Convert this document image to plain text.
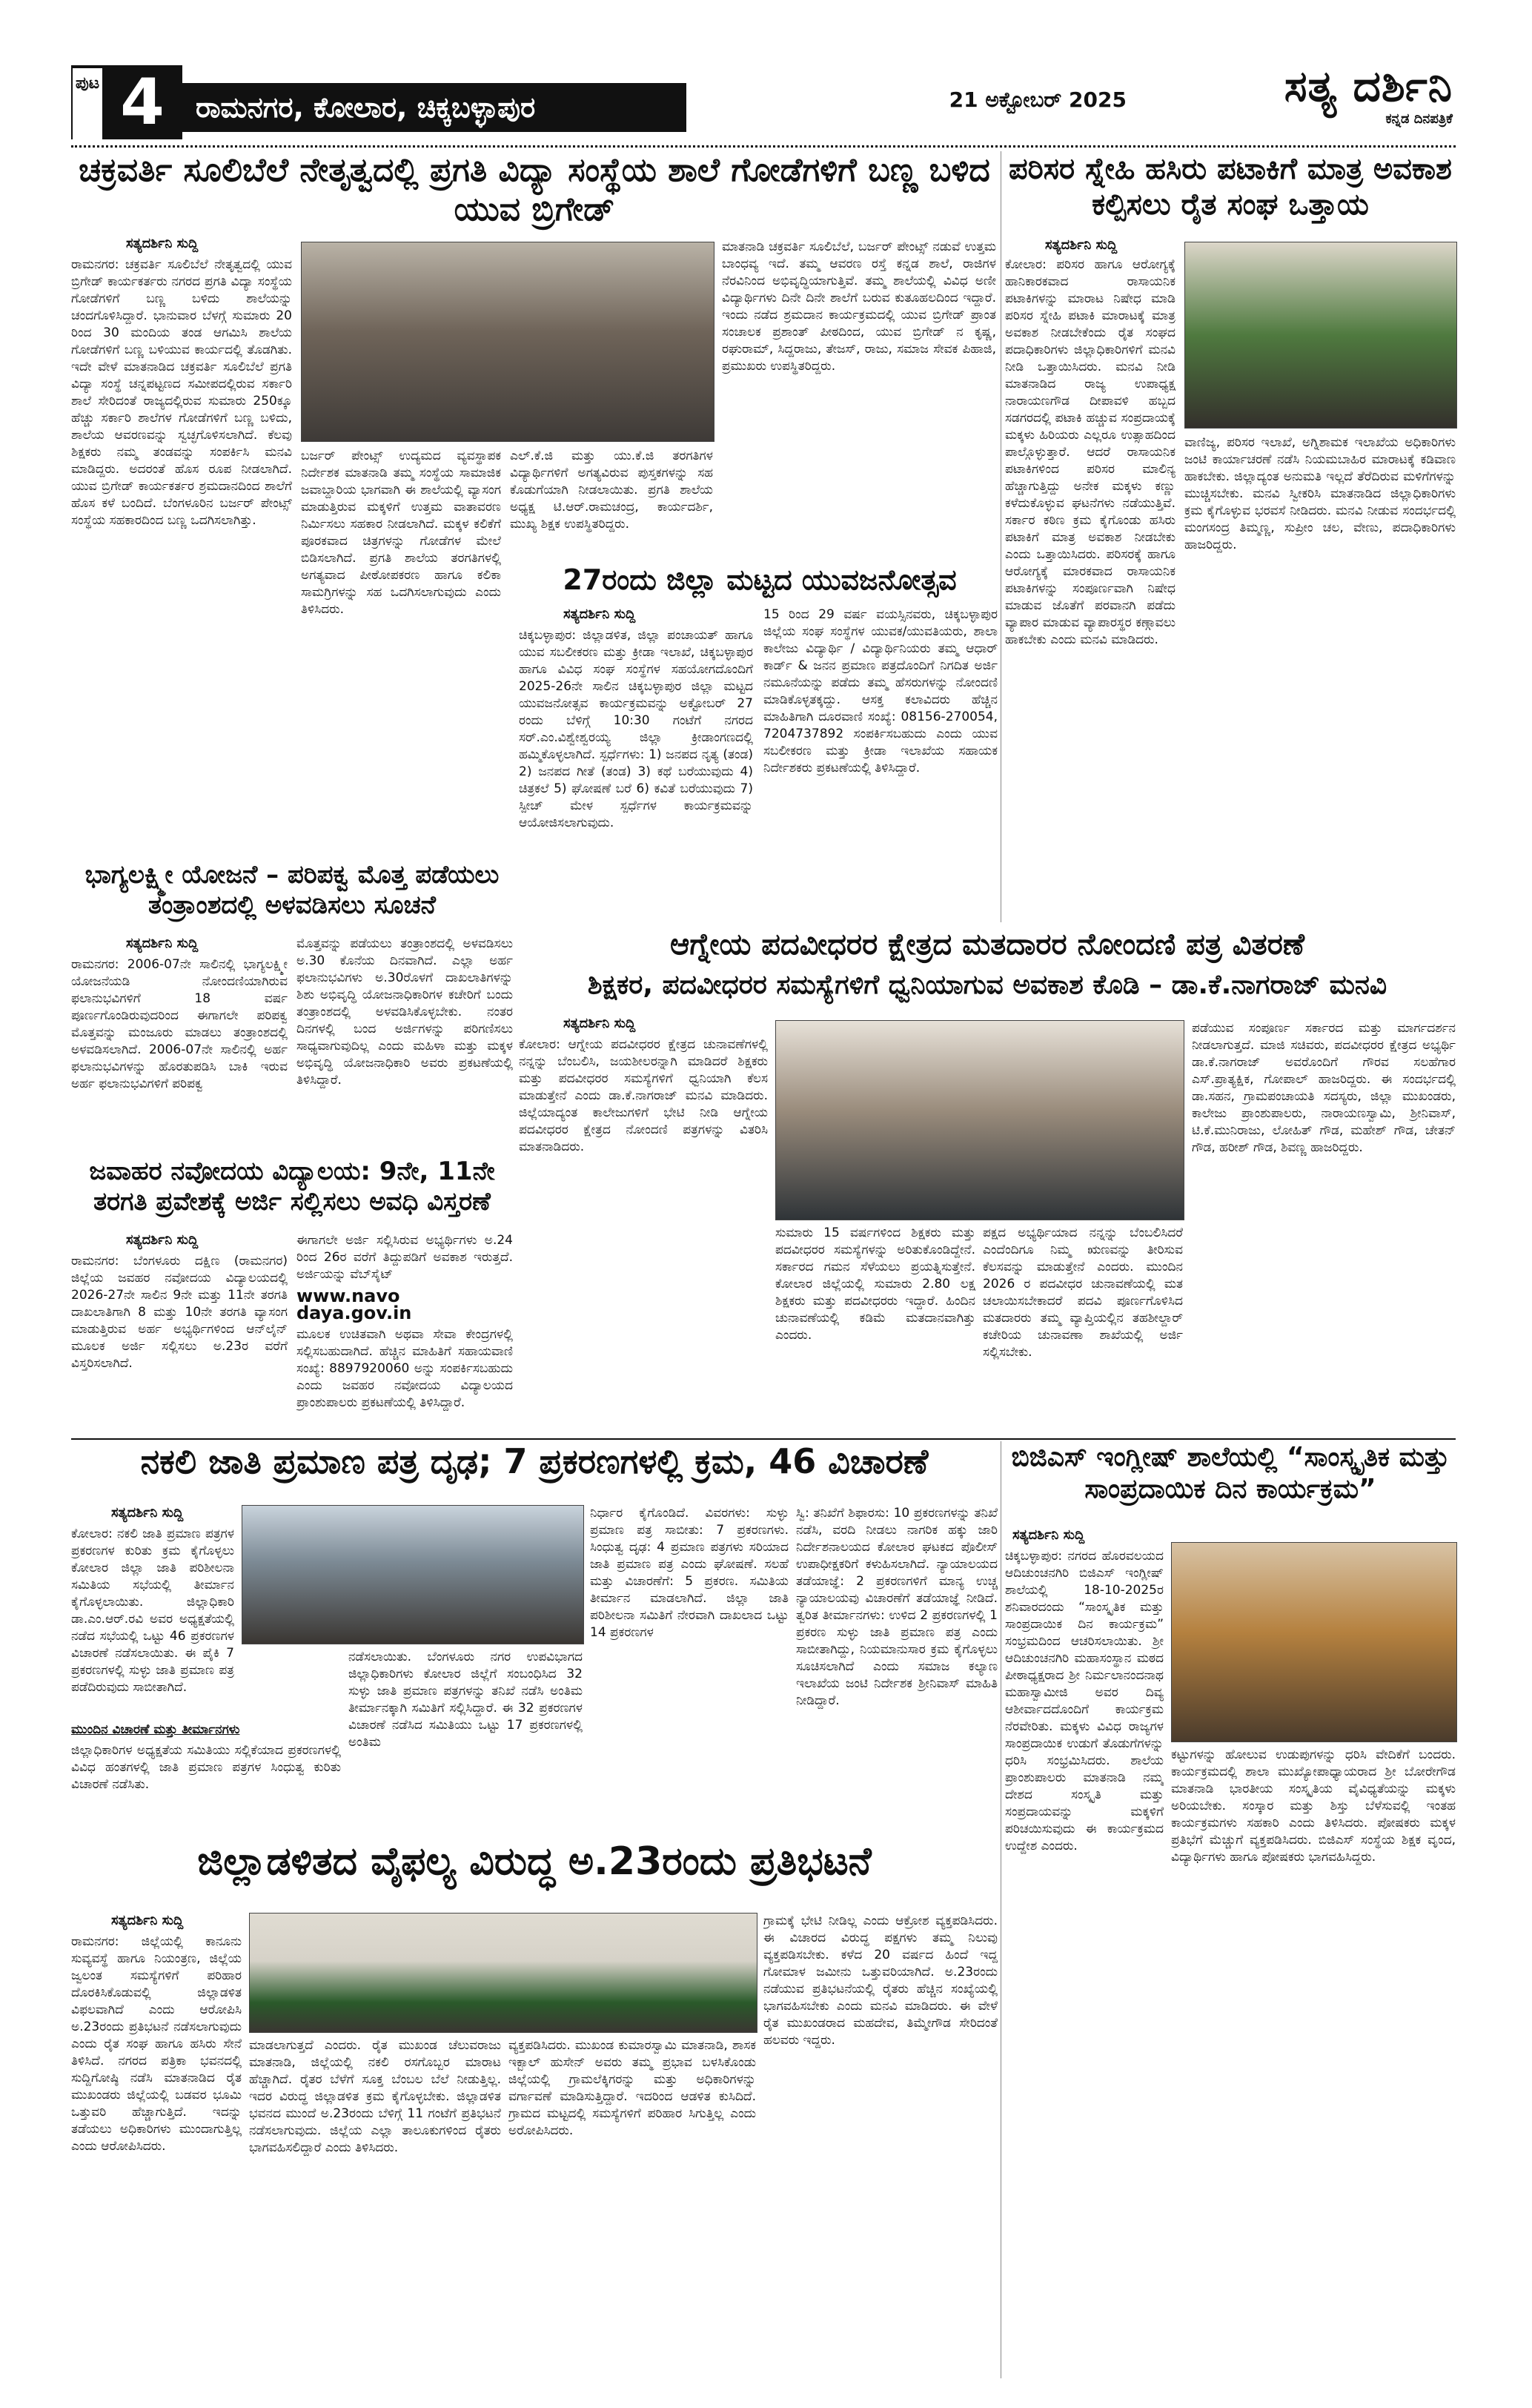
ಪುಟ 4	ರಾಮನಗರ, ಕೋಲಾರ, ಚಿಕ್ಕಬಳ್ಳಾಪುರ	21 ಅಕ್ಟೋಬರ್ 2025	ಸತ್ಯ ದರ್ಶಿನಿ
ಕನ್ನಡ ದಿನಪತ್ರಿಕೆ
ಚಕ್ರವರ್ತಿ ಸೂಲಿಬೆಲೆ ನೇತೃತ್ವದಲ್ಲಿ ಪ್ರಗತಿ ವಿದ್ಯಾ ಸಂಸ್ಥೆಯ ಶಾಲೆ ಗೋಡೆಗಳಿಗೆ ಬಣ್ಣ ಬಳಿದ ಯುವ ಬ್ರಿಗೇಡ್
ಸತ್ಯದರ್ಶಿನಿ ಸುದ್ದಿ

ರಾಮನಗರ: ಚಕ್ರವರ್ತಿ ಸೂಲಿಬೆಲೆ ನೇತೃತ್ವದಲ್ಲಿ ಯುವ ಬ್ರಿಗೇಡ್ ಕಾರ್ಯಕರ್ತರು ನಗರದ ಪ್ರಗತಿ ವಿದ್ಯಾ ಸಂಸ್ಥೆಯ ಗೋಡೆಗಳಿಗೆ ಬಣ್ಣ ಬಳಿದು ಶಾಲೆಯನ್ನು ಚಂದಗೊಳಿಸಿದ್ದಾರೆ. ಭಾನುವಾರ ಬೆಳಗ್ಗೆ ಸುಮಾರು 20 ರಿಂದ 30 ಮಂದಿಯ ತಂಡ ಆಗಮಿಸಿ ಶಾಲೆಯ ಗೋಡೆಗಳಿಗೆ ಬಣ್ಣ ಬಳಿಯುವ ಕಾರ್ಯದಲ್ಲಿ ತೊಡಗಿತು. ಇದೇ ವೇಳೆ ಮಾತನಾಡಿದ ಚಕ್ರವರ್ತಿ ಸೂಲಿಬೆಲೆ ಪ್ರಗತಿ ವಿದ್ಯಾ ಸಂಸ್ಥೆ ಚನ್ನಪಟ್ಟಣದ ಸಮೀಪದಲ್ಲಿರುವ ಸರ್ಕಾರಿ ಶಾಲೆ ಸೇರಿದಂತೆ ರಾಜ್ಯದಲ್ಲಿರುವ ಸುಮಾರು 250ಕ್ಕೂ ಹೆಚ್ಚು ಸರ್ಕಾರಿ ಶಾಲೆಗಳ ಗೋಡೆಗಳಿಗೆ ಬಣ್ಣ ಬಳಿದು, ಶಾಲೆಯ ಆವರಣವನ್ನು ಸ್ವಚ್ಛಗೊಳಿಸಲಾಗಿದೆ. ಕೆಲವು ಶಿಕ್ಷಕರು ನಮ್ಮ ತಂಡವನ್ನು ಸಂಪರ್ಕಿಸಿ ಮನವಿ ಮಾಡಿದ್ದರು. ಅದರಂತೆ ಹೊಸ ರೂಪ ನೀಡಲಾಗಿದೆ. ಯುವ ಬ್ರಿಗೇಡ್ ಕಾರ್ಯಕರ್ತರ ಶ್ರಮದಾನದಿಂದ ಶಾಲೆಗೆ ಹೊಸ ಕಳೆ ಬಂದಿದೆ. ಬೆಂಗಳೂರಿನ ಬರ್ಜರ್ ಪೇಂಟ್ಸ್ ಸಂಸ್ಥೆಯ ಸಹಕಾರದಿಂದ ಬಣ್ಣ ಒದಗಿಸಲಾಗಿತ್ತು.

ಬರ್ಜರ್ ಪೇಂಟ್ಸ್ ಉದ್ಯಮದ ವ್ಯವಸ್ಥಾಪಕ ನಿರ್ದೇಶಕ ಮಾತನಾಡಿ ತಮ್ಮ ಸಂಸ್ಥೆಯ ಸಾಮಾಜಿಕ ಜವಾಬ್ದಾರಿಯ ಭಾಗವಾಗಿ ಈ ಶಾಲೆಯಲ್ಲಿ ವ್ಯಾಸಂಗ ಮಾಡುತ್ತಿರುವ ಮಕ್ಕಳಿಗೆ ಉತ್ತಮ ವಾತಾವರಣ ನಿರ್ಮಿಸಲು ಸಹಕಾರ ನೀಡಲಾಗಿದೆ. ಮಕ್ಕಳ ಕಲಿಕೆಗೆ ಪೂರಕವಾದ ಚಿತ್ರಗಳನ್ನು ಗೋಡೆಗಳ ಮೇಲೆ ಬಿಡಿಸಲಾಗಿದೆ. ಪ್ರಗತಿ ಶಾಲೆಯ ತರಗತಿಗಳಲ್ಲಿ ಅಗತ್ಯವಾದ ಪೀಠೋಪಕರಣ ಹಾಗೂ ಕಲಿಕಾ ಸಾಮಗ್ರಿಗಳನ್ನು ಸಹ ಒದಗಿಸಲಾಗುವುದು ಎಂದು ತಿಳಿಸಿದರು.

ಎಲ್.ಕೆ.ಜಿ ಮತ್ತು ಯು.ಕೆ.ಜಿ ತರಗತಿಗಳ ವಿದ್ಯಾರ್ಥಿಗಳಿಗೆ ಅಗತ್ಯವಿರುವ ಪುಸ್ತಕಗಳನ್ನು ಸಹ ಕೊಡುಗೆಯಾಗಿ ನೀಡಲಾಯಿತು. ಪ್ರಗತಿ ಶಾಲೆಯ ಅಧ್ಯಕ್ಷ ಟಿ.ಆರ್.ರಾಮಚಂದ್ರ, ಕಾರ್ಯದರ್ಶಿ, ಮುಖ್ಯ ಶಿಕ್ಷಕ ಉಪಸ್ಥಿತರಿದ್ದರು.

ಮಾತನಾಡಿ ಚಕ್ರವರ್ತಿ ಸೂಲಿಬೆಲೆ, ಬರ್ಜರ್ ಪೇಂಟ್ಸ್ ನಡುವೆ ಉತ್ತಮ ಬಾಂಧವ್ಯ ಇದೆ. ತಮ್ಮ ಆವರಣ ರಸ್ತೆ ಕನ್ನಡ ಶಾಲೆ, ರಾಜಿಗಳ ನೆರವಿನಿಂದ ಅಭಿವೃದ್ಧಿಯಾಗುತ್ತಿವೆ. ತಮ್ಮ ಶಾಲೆಯಲ್ಲಿ ವಿವಿಧ ಅಣೀ ವಿದ್ಯಾರ್ಥಿಗಳು ದಿನೇ ದಿನೇ ಶಾಲೆಗೆ ಬರುವ ಕುತೂಹಲದಿಂದ ಇದ್ದಾರೆ. ಇಂದು ನಡೆದ ಶ್ರಮದಾನ ಕಾರ್ಯಕ್ರಮದಲ್ಲಿ ಯುವ ಬ್ರಿಗೇಡ್ ಪ್ರಾಂತ ಸಂಚಾಲಕ ಪ್ರಶಾಂತ್ ಪೀಠದಿಂದ, ಯುವ ಬ್ರಿಗೇಡ್ ನ ಕೃಷ್ಣ, ರಘುರಾಮ್, ಸಿದ್ದರಾಜು, ತೇಜಸ್, ರಾಜು, ಸಮಾಜ ಸೇವಕ ಪಿಹಾಜಿ, ಪ್ರಮುಖರು ಉಪಸ್ಥಿತರಿದ್ದರು.

27ರಂದು ಜಿಲ್ಲಾ ಮಟ್ಟದ ಯುವಜನೋತ್ಸವ
ಸತ್ಯದರ್ಶಿನಿ ಸುದ್ದಿ

ಚಿಕ್ಕಬಳ್ಳಾಪುರ: ಜಿಲ್ಲಾಡಳಿತ, ಜಿಲ್ಲಾ ಪಂಚಾಯತ್ ಹಾಗೂ ಯುವ ಸಬಲೀಕರಣ ಮತ್ತು ಕ್ರೀಡಾ ಇಲಾಖೆ, ಚಿಕ್ಕಬಳ್ಳಾಪುರ ಹಾಗೂ ವಿವಿಧ ಸಂಘ ಸಂಸ್ಥೆಗಳ ಸಹಯೋಗದೊಂದಿಗೆ 2025-26ನೇ ಸಾಲಿನ ಚಿಕ್ಕಬಳ್ಳಾಪುರ ಜಿಲ್ಲಾ ಮಟ್ಟದ ಯುವಜನೋತ್ಸವ ಕಾರ್ಯಕ್ರಮವನ್ನು ಅಕ್ಟೋಬರ್ 27 ರಂದು ಬೆಳಿಗ್ಗೆ 10:30 ಗಂಟೆಗೆ ನಗರದ ಸರ್.ಎಂ.ವಿಶ್ವೇಶ್ವರಯ್ಯ ಜಿಲ್ಲಾ ಕ್ರೀಡಾಂಗಣದಲ್ಲಿ ಹಮ್ಮಿಕೊಳ್ಳಲಾಗಿದೆ. ಸ್ಪರ್ಧೆಗಳು: 1) ಜನಪದ ನೃತ್ಯ (ತಂಡ) 2) ಜನಪದ ಗೀತೆ (ತಂಡ) 3) ಕಥೆ ಬರೆಯುವುದು 4) ಚಿತ್ರಕಲೆ 5) ಘೋಷಣೆ ಬರೆ 6) ಕವಿತೆ ಬರೆಯುವುದು 7) ಸ್ಪೀಚ್ ಮೇಳ ಸ್ಪರ್ಧೆಗಳ ಕಾರ್ಯಕ್ರಮವನ್ನು ಆಯೋಜಿಸಲಾಗುವುದು.

15 ರಿಂದ 29 ವರ್ಷ ವಯಸ್ಸಿನವರು, ಚಿಕ್ಕಬಳ್ಳಾಪುರ ಜಿಲ್ಲೆಯ ಸಂಘ ಸಂಸ್ಥೆಗಳ ಯುವಕ/ಯುವತಿಯರು, ಶಾಲಾ ಕಾಲೇಜು ವಿದ್ಯಾರ್ಥಿ / ವಿದ್ಯಾರ್ಥಿನಿಯರು ತಮ್ಮ ಆಧಾರ್ ಕಾರ್ಡ್ & ಜನನ ಪ್ರಮಾಣ ಪತ್ರದೊಂದಿಗೆ ನಿಗದಿತ ಅರ್ಜಿ ನಮೂನೆಯನ್ನು ಪಡೆದು ತಮ್ಮ ಹೆಸರುಗಳನ್ನು ನೋಂದಣಿ ಮಾಡಿಕೊಳ್ಳತಕ್ಕದ್ದು. ಆಸಕ್ತ ಕಲಾವಿದರು ಹೆಚ್ಚಿನ ಮಾಹಿತಿಗಾಗಿ ದೂರವಾಣಿ ಸಂಖ್ಯೆ: 08156-270054, 7204737892 ಸಂಪರ್ಕಿಸಬಹುದು ಎಂದು ಯುವ ಸಬಲೀಕರಣ ಮತ್ತು ಕ್ರೀಡಾ ಇಲಾಖೆಯ ಸಹಾಯಕ ನಿರ್ದೇಶಕರು ಪ್ರಕಟಣೆಯಲ್ಲಿ ತಿಳಿಸಿದ್ದಾರೆ.

ಪರಿಸರ ಸ್ನೇಹಿ ಹಸಿರು ಪಟಾಕಿಗೆ ಮಾತ್ರ ಅವಕಾಶ ಕಲ್ಪಿಸಲು ರೈತ ಸಂಘ ಒತ್ತಾಯ
ಸತ್ಯದರ್ಶಿನಿ ಸುದ್ದಿ

ಕೋಲಾರ: ಪರಿಸರ ಹಾಗೂ ಆರೋಗ್ಯಕ್ಕೆ ಹಾನಿಕಾರಕವಾದ ರಾಸಾಯನಿಕ ಪಟಾಕಿಗಳನ್ನು ಮಾರಾಟ ನಿಷೇಧ ಮಾಡಿ ಪರಿಸರ ಸ್ನೇಹಿ ಪಟಾಕಿ ಮಾರಾಟಕ್ಕೆ ಮಾತ್ರ ಅವಕಾಶ ನೀಡಬೇಕೆಂದು ರೈತ ಸಂಘದ ಪದಾಧಿಕಾರಿಗಳು ಜಿಲ್ಲಾಧಿಕಾರಿಗಳಿಗೆ ಮನವಿ ನೀಡಿ ಒತ್ತಾಯಿಸಿದರು. ಮನವಿ ನೀಡಿ ಮಾತನಾಡಿದ ರಾಜ್ಯ ಉಪಾಧ್ಯಕ್ಷ ನಾರಾಯಣಗೌಡ ದೀಪಾವಳಿ ಹಬ್ಬದ ಸಡಗರದಲ್ಲಿ ಪಟಾಕಿ ಹಚ್ಚುವ ಸಂಪ್ರದಾಯಕ್ಕೆ ಮಕ್ಕಳು ಹಿರಿಯರು ಎಲ್ಲರೂ ಉತ್ಸಾಹದಿಂದ ಪಾಲ್ಗೊಳ್ಳುತ್ತಾರೆ. ಆದರೆ ರಾಸಾಯನಿಕ ಪಟಾಕಿಗಳಿಂದ ಪರಿಸರ ಮಾಲಿನ್ಯ ಹೆಚ್ಚಾಗುತ್ತಿದ್ದು ಅನೇಕ ಮಕ್ಕಳು ಕಣ್ಣು ಕಳೆದುಕೊಳ್ಳುವ ಘಟನೆಗಳು ನಡೆಯುತ್ತಿವೆ. ಸರ್ಕಾರ ಕಠಿಣ ಕ್ರಮ ಕೈಗೊಂಡು ಹಸಿರು ಪಟಾಕಿಗೆ ಮಾತ್ರ ಅವಕಾಶ ನೀಡಬೇಕು ಎಂದು ಒತ್ತಾಯಿಸಿದರು. ಪರಿಸರಕ್ಕೆ ಹಾಗೂ ಆರೋಗ್ಯಕ್ಕೆ ಮಾರಕವಾದ ರಾಸಾಯನಿಕ ಪಟಾಕಿಗಳನ್ನು ಸಂಪೂರ್ಣವಾಗಿ ನಿಷೇಧ ಮಾಡುವ ಜೊತೆಗೆ ಪರವಾನಗಿ ಪಡೆದು ವ್ಯಾಪಾರ ಮಾಡುವ ವ್ಯಾಪಾರಸ್ಥರ ಕಣ್ಗಾವಲು ಹಾಕಬೇಕು ಎಂದು ಮನವಿ ಮಾಡಿದರು.

ವಾಣಿಜ್ಯ, ಪರಿಸರ ಇಲಾಖೆ, ಅಗ್ನಿಶಾಮಕ ಇಲಾಖೆಯ ಅಧಿಕಾರಿಗಳು ಜಂಟಿ ಕಾರ್ಯಾಚರಣೆ ನಡೆಸಿ ನಿಯಮಬಾಹಿರ ಮಾರಾಟಕ್ಕೆ ಕಡಿವಾಣ ಹಾಕಬೇಕು. ಜಿಲ್ಲಾದ್ಯಂತ ಅನುಮತಿ ಇಲ್ಲದೆ ತೆರೆದಿರುವ ಮಳಿಗೆಗಳನ್ನು ಮುಚ್ಚಿಸಬೇಕು. ಮನವಿ ಸ್ವೀಕರಿಸಿ ಮಾತನಾಡಿದ ಜಿಲ್ಲಾಧಿಕಾರಿಗಳು ಕ್ರಮ ಕೈಗೊಳ್ಳುವ ಭರವಸೆ ನೀಡಿದರು. ಮನವಿ ನೀಡುವ ಸಂದರ್ಭದಲ್ಲಿ ಮಂಗಸಂದ್ರ ತಿಮ್ಮಣ್ಣ, ಸುಪ್ರೀಂ ಚಲ, ವೇಣು, ಪದಾಧಿಕಾರಿಗಳು ಹಾಜರಿದ್ದರು.

ಭಾಗ್ಯಲಕ್ಷ್ಮೀ ಯೋಜನೆ – ಪರಿಪಕ್ವ ಮೊತ್ತ ಪಡೆಯಲು ತಂತ್ರಾಂಶದಲ್ಲಿ ಅಳವಡಿಸಲು ಸೂಚನೆ
ಸತ್ಯದರ್ಶಿನಿ ಸುದ್ದಿ

ರಾಮನಗರ: 2006-07ನೇ ಸಾಲಿನಲ್ಲಿ ಭಾಗ್ಯಲಕ್ಷ್ಮೀ ಯೋಜನೆಯಡಿ ನೋಂದಣಿಯಾಗಿರುವ ಫಲಾನುಭವಿಗಳಿಗೆ 18 ವರ್ಷ ಪೂರ್ಣಗೊಂಡಿರುವುದರಿಂದ ಈಗಾಗಲೇ ಪರಿಪಕ್ವ ಮೊತ್ತವನ್ನು ಮಂಜೂರು ಮಾಡಲು ತಂತ್ರಾಂಶದಲ್ಲಿ ಅಳವಡಿಸಲಾಗಿದೆ. 2006-07ನೇ ಸಾಲಿನಲ್ಲಿ ಅರ್ಹ ಫಲಾನುಭವಿಗಳನ್ನು ಹೊರತುಪಡಿಸಿ ಬಾಕಿ ಇರುವ ಅರ್ಹ ಫಲಾನುಭವಿಗಳಿಗೆ ಪರಿಪಕ್ವ

ಮೊತ್ತವನ್ನು ಪಡೆಯಲು ತಂತ್ರಾಂಶದಲ್ಲಿ ಅಳವಡಿಸಲು ಅ.30 ಕೊನೆಯ ದಿನವಾಗಿದೆ. ಎಲ್ಲಾ ಅರ್ಹ ಫಲಾನುಭವಿಗಳು ಅ.30ರೊಳಗೆ ದಾಖಲಾತಿಗಳನ್ನು ಶಿಶು ಅಭಿವೃದ್ಧಿ ಯೋಜನಾಧಿಕಾರಿಗಳ ಕಚೇರಿಗೆ ಬಂದು ತಂತ್ರಾಂಶದಲ್ಲಿ ಅಳವಡಿಸಿಕೊಳ್ಳಬೇಕು. ನಂತರ ದಿನಗಳಲ್ಲಿ ಬಂದ ಅರ್ಜಿಗಳನ್ನು ಪರಿಗಣಿಸಲು ಸಾಧ್ಯವಾಗುವುದಿಲ್ಲ ಎಂದು ಮಹಿಳಾ ಮತ್ತು ಮಕ್ಕಳ ಅಭಿವೃದ್ಧಿ ಯೋಜನಾಧಿಕಾರಿ ಅವರು ಪ್ರಕಟಣೆಯಲ್ಲಿ ತಿಳಿಸಿದ್ದಾರೆ.

ಜವಾಹರ ನವೋದಯ ವಿದ್ಯಾಲಯ: 9ನೇ, 11ನೇ ತರಗತಿ ಪ್ರವೇಶಕ್ಕೆ ಅರ್ಜಿ ಸಲ್ಲಿಸಲು ಅವಧಿ ವಿಸ್ತರಣೆ
ಸತ್ಯದರ್ಶಿನಿ ಸುದ್ದಿ

ರಾಮನಗರ: ಬೆಂಗಳೂರು ದಕ್ಷಿಣ (ರಾಮನಗರ) ಜಿಲ್ಲೆಯ ಜವಹರ ನವೋದಯ ವಿದ್ಯಾಲಯದಲ್ಲಿ 2026-27ನೇ ಸಾಲಿನ 9ನೇ ಮತ್ತು 11ನೇ ತರಗತಿ ದಾಖಲಾತಿಗಾಗಿ 8 ಮತ್ತು 10ನೇ ತರಗತಿ ವ್ಯಾಸಂಗ ಮಾಡುತ್ತಿರುವ ಅರ್ಹ ಅಭ್ಯರ್ಥಿಗಳಿಂದ ಆನ್‌ಲೈನ್ ಮೂಲಕ ಅರ್ಜಿ ಸಲ್ಲಿಸಲು ಅ.23ರ ವರೆಗೆ ವಿಸ್ತರಿಸಲಾಗಿದೆ.

ಈಗಾಗಲೇ ಅರ್ಜಿ ಸಲ್ಲಿಸಿರುವ ಅಭ್ಯರ್ಥಿಗಳು ಅ.24 ರಿಂದ 26ರ ವರೆಗೆ ತಿದ್ದುಪಡಿಗೆ ಅವಕಾಶ ಇರುತ್ತದೆ. ಅರ್ಜಿಯನ್ನು ವೆಬ್‌ಸೈಟ್

www.navo daya.gov.in

ಮೂಲಕ ಉಚಿತವಾಗಿ ಅಥವಾ ಸೇವಾ ಕೇಂದ್ರಗಳಲ್ಲಿ ಸಲ್ಲಿಸಬಹುದಾಗಿದೆ. ಹೆಚ್ಚಿನ ಮಾಹಿತಿಗೆ ಸಹಾಯವಾಣಿ ಸಂಖ್ಯೆ: 8897920060 ಅನ್ನು ಸಂಪರ್ಕಿಸಬಹುದು ಎಂದು ಜವಹರ ನವೋದಯ ವಿದ್ಯಾಲಯದ ಪ್ರಾಂಶುಪಾಲರು ಪ್ರಕಟಣೆಯಲ್ಲಿ ತಿಳಿಸಿದ್ದಾರೆ.

ಆಗ್ನೇಯ ಪದವೀಧರರ ಕ್ಷೇತ್ರದ ಮತದಾರರ ನೋಂದಣಿ ಪತ್ರ ವಿತರಣೆ
ಶಿಕ್ಷಕರ, ಪದವೀಧರರ ಸಮಸ್ಯೆಗಳಿಗೆ ಧ್ವನಿಯಾಗುವ ಅವಕಾಶ ಕೊಡಿ – ಡಾ.ಕೆ.ನಾಗರಾಜ್ ಮನವಿ
ಸತ್ಯದರ್ಶಿನಿ ಸುದ್ದಿ

ಕೋಲಾರ: ಆಗ್ನೇಯ ಪದವೀಧರರ ಕ್ಷೇತ್ರದ ಚುನಾವಣೆಗಳಲ್ಲಿ ನನ್ನನ್ನು ಬೆಂಬಲಿಸಿ, ಜಯಶೀಲರನ್ನಾಗಿ ಮಾಡಿದರೆ ಶಿಕ್ಷಕರು ಮತ್ತು ಪದವೀಧರರ ಸಮಸ್ಯೆಗಳಿಗೆ ಧ್ವನಿಯಾಗಿ ಕೆಲಸ ಮಾಡುತ್ತೇನೆ ಎಂದು ಡಾ.ಕೆ.ನಾಗರಾಜ್ ಮನವಿ ಮಾಡಿದರು. ಜಿಲ್ಲೆಯಾದ್ಯಂತ ಕಾಲೇಜುಗಳಿಗೆ ಭೇಟಿ ನೀಡಿ ಆಗ್ನೇಯ ಪದವೀಧರರ ಕ್ಷೇತ್ರದ ನೋಂದಣಿ ಪತ್ರಗಳನ್ನು ವಿತರಿಸಿ ಮಾತನಾಡಿದರು.

ಸುಮಾರು 15 ವರ್ಷಗಳಿಂದ ಶಿಕ್ಷಕರು ಮತ್ತು ಪದವೀಧರರ ಸಮಸ್ಯೆಗಳನ್ನು ಅರಿತುಕೊಂಡಿದ್ದೇನೆ. ಸರ್ಕಾರದ ಗಮನ ಸೆಳೆಯಲು ಪ್ರಯತ್ನಿಸುತ್ತೇನೆ. ಕೋಲಾರ ಜಿಲ್ಲೆಯಲ್ಲಿ ಸುಮಾರು 2.80 ಲಕ್ಷ ಶಿಕ್ಷಕರು ಮತ್ತು ಪದವೀಧರರು ಇದ್ದಾರೆ. ಹಿಂದಿನ ಚುನಾವಣೆಯಲ್ಲಿ ಕಡಿಮೆ ಮತದಾನವಾಗಿತ್ತು ಎಂದರು.

ಪಕ್ಷದ ಅಭ್ಯರ್ಥಿಯಾದ ನನ್ನನ್ನು ಬೆಂಬಲಿಸಿದರೆ ಎಂದೆಂದಿಗೂ ನಿಮ್ಮ ಋಣವನ್ನು ತೀರಿಸುವ ಕೆಲಸವನ್ನು ಮಾಡುತ್ತೇನೆ ಎಂದರು. ಮುಂದಿನ 2026 ರ ಪದವೀಧರ ಚುನಾವಣೆಯಲ್ಲಿ ಮತ ಚಲಾಯಿಸಬೇಕಾದರೆ ಪದವಿ ಪೂರ್ಣಗೊಳಿಸಿದ ಮತದಾರರು ತಮ್ಮ ವ್ಯಾಪ್ತಿಯಲ್ಲಿನ ತಹಶೀಲ್ದಾರ್ ಕಚೇರಿಯ ಚುನಾವಣಾ ಶಾಖೆಯಲ್ಲಿ ಅರ್ಜಿ ಸಲ್ಲಿಸಬೇಕು.

ಪಡೆಯುವ ಸಂಪೂರ್ಣ ಸರ್ಕಾರದ ಮತ್ತು ಮಾರ್ಗದರ್ಶನ ನೀಡಲಾಗುತ್ತದೆ. ಮಾಜಿ ಸಚಿವರು, ಪದವೀಧರರ ಕ್ಷೇತ್ರದ ಅಭ್ಯರ್ಥಿ ಡಾ.ಕೆ.ನಾಗರಾಜ್ ಅವರೊಂದಿಗೆ ಗೌರವ ಸಲಹೆಗಾರ ಎಸ್.ಪ್ರಾತ್ಯಕ್ಷಿಕ, ಗೋಪಾಲ್ ಹಾಜರಿದ್ದರು. ಈ ಸಂದರ್ಭದಲ್ಲಿ ಡಾ.ಸಹನ, ಗ್ರಾಮಪಂಚಾಯತಿ ಸದಸ್ಯರು, ಜಿಲ್ಲಾ ಮುಖಂಡರು, ಕಾಲೇಜು ಪ್ರಾಂಶುಪಾಲರು, ನಾರಾಯಣಸ್ವಾಮಿ, ಶ್ರೀನಿವಾಸ್, ಟಿ.ಕೆ.ಮುನಿರಾಜು, ಲೋಹಿತ್ ಗೌಡ, ಮಹೇಶ್ ಗೌಡ, ಚೇತನ್ ಗೌಡ, ಹರೀಶ್ ಗೌಡ, ಶಿವಣ್ಣ ಹಾಜರಿದ್ದರು.

ನಕಲಿ ಜಾತಿ ಪ್ರಮಾಣ ಪತ್ರ ದೃಢ; 7 ಪ್ರಕರಣಗಳಲ್ಲಿ ಕ್ರಮ, 46 ವಿಚಾರಣೆ
ಸತ್ಯದರ್ಶಿನಿ ಸುದ್ದಿ

ಕೋಲಾರ: ನಕಲಿ ಜಾತಿ ಪ್ರಮಾಣ ಪತ್ರಗಳ ಪ್ರಕರಣಗಳ ಕುರಿತು ಕ್ರಮ ಕೈಗೊಳ್ಳಲು ಕೋಲಾರ ಜಿಲ್ಲಾ ಜಾತಿ ಪರಿಶೀಲನಾ ಸಮಿತಿಯ ಸಭೆಯಲ್ಲಿ ತೀರ್ಮಾನ ಕೈಗೊಳ್ಳಲಾಯಿತು. ಜಿಲ್ಲಾಧಿಕಾರಿ ಡಾ.ಎಂ.ಆರ್.ರವಿ ಅವರ ಅಧ್ಯಕ್ಷತೆಯಲ್ಲಿ ನಡೆದ ಸಭೆಯಲ್ಲಿ ಒಟ್ಟು 46 ಪ್ರಕರಣಗಳ ವಿಚಾರಣೆ ನಡೆಸಲಾಯಿತು. ಈ ಪೈಕಿ 7 ಪ್ರಕರಣಗಳಲ್ಲಿ ಸುಳ್ಳು ಜಾತಿ ಪ್ರಮಾಣ ಪತ್ರ ಪಡೆದಿರುವುದು ಸಾಬೀತಾಗಿದೆ.

ಮುಂದಿನ ವಿಚಾರಣೆ ಮತ್ತು ತೀರ್ಮಾನಗಳು

ಜಿಲ್ಲಾಧಿಕಾರಿಗಳ ಅಧ್ಯಕ್ಷತೆಯ ಸಮಿತಿಯು ಸಲ್ಲಿಕೆಯಾದ ಪ್ರಕರಣಗಳಲ್ಲಿ ವಿವಿಧ ಹಂತಗಳಲ್ಲಿ ಜಾತಿ ಪ್ರಮಾಣ ಪತ್ರಗಳ ಸಿಂಧುತ್ವ ಕುರಿತು ವಿಚಾರಣೆ ನಡೆಸಿತು.

ನಡೆಸಲಾಯಿತು. ಬೆಂಗಳೂರು ನಗರ ಉಪವಿಭಾಗದ ಜಿಲ್ಲಾಧಿಕಾರಿಗಳು ಕೋಲಾರ ಜಿಲ್ಲೆಗೆ ಸಂಬಂಧಿಸಿದ 32 ಸುಳ್ಳು ಜಾತಿ ಪ್ರಮಾಣ ಪತ್ರಗಳನ್ನು ತನಿಖೆ ನಡೆಸಿ ಅಂತಿಮ ತೀರ್ಮಾನಕ್ಕಾಗಿ ಸಮಿತಿಗೆ ಸಲ್ಲಿಸಿದ್ದಾರೆ. ಈ 32 ಪ್ರಕರಣಗಳ ವಿಚಾರಣೆ ನಡೆಸಿದ ಸಮಿತಿಯು ಒಟ್ಟು 17 ಪ್ರಕರಣಗಳಲ್ಲಿ ಅಂತಿಮ

ನಿರ್ಧಾರ ಕೈಗೊಂಡಿದೆ. ವಿವರಗಳು: ಸುಳ್ಳು ಪ್ರಮಾಣ ಪತ್ರ ಸಾಬೀತು: 7 ಪ್ರಕರಣಗಳು. ಸಿಂಧುತ್ವ ದೃಢ: 4 ಪ್ರಮಾಣ ಪತ್ರಗಳು ಸರಿಯಾದ ಜಾತಿ ಪ್ರಮಾಣ ಪತ್ರ ಎಂದು ಘೋಷಣೆ. ಸಲಹೆ ಮತ್ತು ವಿಚಾರಣೆಗೆ: 5 ಪ್ರಕರಣ. ಸಮಿತಿಯ ತೀರ್ಮಾನ ಮಾಡಲಾಗಿದೆ. ಜಿಲ್ಲಾ ಜಾತಿ ಪರಿಶೀಲನಾ ಸಮಿತಿಗೆ ನೇರವಾಗಿ ದಾಖಲಾದ ಒಟ್ಟು 14 ಪ್ರಕರಣಗಳ

ಸ್ವಿ: ತನಿಖೆಗೆ ಶಿಫಾರಸು: 10 ಪ್ರಕರಣಗಳನ್ನು ತನಿಖೆ ನಡೆಸಿ, ವರದಿ ನೀಡಲು ನಾಗರಿಕ ಹಕ್ಕು ಜಾರಿ ನಿರ್ದೇಶನಾಲಯದ ಕೋಲಾರ ಘಟಕದ ಪೊಲೀಸ್ ಉಪಾಧೀಕ್ಷಕರಿಗೆ ಕಳುಹಿಸಲಾಗಿದೆ. ನ್ಯಾಯಾಲಯದ ತಡೆಯಾಜ್ಞೆ: 2 ಪ್ರಕರಣಗಳಿಗೆ ಮಾನ್ಯ ಉಚ್ಚ ನ್ಯಾಯಾಲಯವು ವಿಚಾರಣೆಗೆ ತಡೆಯಾಜ್ಞೆ ನೀಡಿದೆ. ತ್ವರಿತ ತೀರ್ಮಾನಗಳು: ಉಳಿದ 2 ಪ್ರಕರಣಗಳಲ್ಲಿ 1 ಪ್ರಕರಣ ಸುಳ್ಳು ಜಾತಿ ಪ್ರಮಾಣ ಪತ್ರ ಎಂದು ಸಾಬೀತಾಗಿದ್ದು, ನಿಯಮಾನುಸಾರ ಕ್ರಮ ಕೈಗೊಳ್ಳಲು ಸೂಚಿಸಲಾಗಿದೆ ಎಂದು ಸಮಾಜ ಕಲ್ಯಾಣ ಇಲಾಖೆಯ ಜಂಟಿ ನಿರ್ದೇಶಕ ಶ್ರೀನಿವಾಸ್ ಮಾಹಿತಿ ನೀಡಿದ್ದಾರೆ.

ಬಿಜಿಎಸ್ ಇಂಗ್ಲೀಷ್ ಶಾಲೆಯಲ್ಲಿ “ಸಾಂಸ್ಕೃತಿಕ ಮತ್ತು ಸಾಂಪ್ರದಾಯಿಕ ದಿನ ಕಾರ್ಯಕ್ರಮ”
ಸತ್ಯದರ್ಶಿನಿ ಸುದ್ದಿ

ಚಿಕ್ಕಬಳ್ಳಾಪುರ: ನಗರದ ಹೊರವಲಯದ ಆದಿಚುಂಚನಗಿರಿ ಬಿಜಿಎಸ್ ಇಂಗ್ಲೀಷ್ ಶಾಲೆಯಲ್ಲಿ 18-10-2025ರ ಶನಿವಾರದಂದು “ಸಾಂಸ್ಕೃತಿಕ ಮತ್ತು ಸಾಂಪ್ರದಾಯಿಕ ದಿನ ಕಾರ್ಯಕ್ರಮ” ಸಂಭ್ರಮದಿಂದ ಆಚರಿಸಲಾಯಿತು. ಶ್ರೀ ಆದಿಚುಂಚನಗಿರಿ ಮಹಾಸಂಸ್ಥಾನ ಮಠದ ಪೀಠಾಧ್ಯಕ್ಷರಾದ ಶ್ರೀ ನಿರ್ಮಲಾನಂದನಾಥ ಮಹಾಸ್ವಾಮೀಜಿ ಅವರ ದಿವ್ಯ ಆಶೀರ್ವಾದದೊಂದಿಗೆ ಕಾರ್ಯಕ್ರಮ ನೆರವೇರಿತು. ಮಕ್ಕಳು ವಿವಿಧ ರಾಜ್ಯಗಳ ಸಾಂಪ್ರದಾಯಿಕ ಉಡುಗೆ ತೊಡುಗೆಗಳನ್ನು ಧರಿಸಿ ಸಂಭ್ರಮಿಸಿದರು. ಶಾಲೆಯ ಪ್ರಾಂಶುಪಾಲರು ಮಾತನಾಡಿ ನಮ್ಮ ದೇಶದ ಸಂಸ್ಕೃತಿ ಮತ್ತು ಸಂಪ್ರದಾಯವನ್ನು ಮಕ್ಕಳಿಗೆ ಪರಿಚಯಿಸುವುದು ಈ ಕಾರ್ಯಕ್ರಮದ ಉದ್ದೇಶ ಎಂದರು.

ಕಟ್ಟುಗಳನ್ನು ಹೋಲುವ ಉಡುಪುಗಳನ್ನು ಧರಿಸಿ ವೇದಿಕೆಗೆ ಬಂದರು. ಕಾರ್ಯಕ್ರಮದಲ್ಲಿ ಶಾಲಾ ಮುಖ್ಯೋಪಾಧ್ಯಾಯರಾದ ಶ್ರೀ ಬೋರೇಗೌಡ ಮಾತನಾಡಿ ಭಾರತೀಯ ಸಂಸ್ಕೃತಿಯ ವೈವಿಧ್ಯತೆಯನ್ನು ಮಕ್ಕಳು ಅರಿಯಬೇಕು. ಸಂಸ್ಕಾರ ಮತ್ತು ಶಿಸ್ತು ಬೆಳೆಸುವಲ್ಲಿ ಇಂತಹ ಕಾರ್ಯಕ್ರಮಗಳು ಸಹಕಾರಿ ಎಂದು ತಿಳಿಸಿದರು. ಪೋಷಕರು ಮಕ್ಕಳ ಪ್ರತಿಭೆಗೆ ಮೆಚ್ಚುಗೆ ವ್ಯಕ್ತಪಡಿಸಿದರು. ಬಿಜಿಎಸ್ ಸಂಸ್ಥೆಯ ಶಿಕ್ಷಕ ವೃಂದ, ವಿದ್ಯಾರ್ಥಿಗಳು ಹಾಗೂ ಪೋಷಕರು ಭಾಗವಹಿಸಿದ್ದರು.

ಜಿಲ್ಲಾಡಳಿತದ ವೈಫಲ್ಯ ವಿರುದ್ಧ ಅ.23ರಂದು ಪ್ರತಿಭಟನೆ
ಸತ್ಯದರ್ಶಿನಿ ಸುದ್ದಿ

ರಾಮನಗರ: ಜಿಲ್ಲೆಯಲ್ಲಿ ಕಾನೂನು ಸುವ್ಯವಸ್ಥೆ ಹಾಗೂ ನಿಯಂತ್ರಣ, ಜಿಲ್ಲೆಯ ಜ್ವಲಂತ ಸಮಸ್ಯೆಗಳಿಗೆ ಪರಿಹಾರ ದೊರಕಿಸಿಕೊಡುವಲ್ಲಿ ಜಿಲ್ಲಾಡಳಿತ ವಿಫಲವಾಗಿದೆ ಎಂದು ಆರೋಪಿಸಿ ಅ.23ರಂದು ಪ್ರತಿಭಟನೆ ನಡೆಸಲಾಗುವುದು ಎಂದು ರೈತ ಸಂಘ ಹಾಗೂ ಹಸಿರು ಸೇನೆ ತಿಳಿಸಿದೆ. ನಗರದ ಪತ್ರಿಕಾ ಭವನದಲ್ಲಿ ಸುದ್ದಿಗೋಷ್ಠಿ ನಡೆಸಿ ಮಾತನಾಡಿದ ರೈತ ಮುಖಂಡರು ಜಿಲ್ಲೆಯಲ್ಲಿ ಬಡವರ ಭೂಮಿ ಒತ್ತುವರಿ ಹೆಚ್ಚಾಗುತ್ತಿದೆ. ಇದನ್ನು ತಡೆಯಲು ಅಧಿಕಾರಿಗಳು ಮುಂದಾಗುತ್ತಿಲ್ಲ ಎಂದು ಆರೋಪಿಸಿದರು.

ಮಾಡಲಾಗುತ್ತದೆ ಎಂದರು. ರೈತ ಮುಖಂಡ ಚೆಲುವರಾಜು ಮಾತನಾಡಿ, ಜಿಲ್ಲೆಯಲ್ಲಿ ನಕಲಿ ರಸಗೊಬ್ಬರ ಮಾರಾಟ ಹೆಚ್ಚಾಗಿದೆ. ರೈತರ ಬೆಳೆಗೆ ಸೂಕ್ತ ಬೆಂಬಲ ಬೆಲೆ ನೀಡುತ್ತಿಲ್ಲ. ಇದರ ವಿರುದ್ಧ ಜಿಲ್ಲಾಡಳಿತ ಕ್ರಮ ಕೈಗೊಳ್ಳಬೇಕು. ಜಿಲ್ಲಾಡಳಿತ ಭವನದ ಮುಂದೆ ಅ.23ರಂದು ಬೆಳಿಗ್ಗೆ 11 ಗಂಟೆಗೆ ಪ್ರತಿಭಟನೆ ನಡೆಸಲಾಗುವುದು. ಜಿಲ್ಲೆಯ ಎಲ್ಲಾ ತಾಲೂಕುಗಳಿಂದ ರೈತರು ಭಾಗವಹಿಸಲಿದ್ದಾರೆ ಎಂದು ತಿಳಿಸಿದರು.

ವ್ಯಕ್ತಪಡಿಸಿದರು. ಮುಖಂಡ ಕುಮಾರಸ್ವಾಮಿ ಮಾತನಾಡಿ, ಶಾಸಕ ಇಕ್ಬಾಲ್ ಹುಸೇನ್ ಅವರು ತಮ್ಮ ಪ್ರಭಾವ ಬಳಸಿಕೊಂಡು ಜಿಲ್ಲೆಯಲ್ಲಿ ಗ್ರಾಮಲೆಕ್ಕಿಗರನ್ನು ಮತ್ತು ಅಧಿಕಾರಿಗಳನ್ನು ವರ್ಗಾವಣೆ ಮಾಡಿಸುತ್ತಿದ್ದಾರೆ. ಇದರಿಂದ ಆಡಳಿತ ಕುಸಿದಿದೆ. ಗ್ರಾಮದ ಮಟ್ಟದಲ್ಲಿ ಸಮಸ್ಯೆಗಳಿಗೆ ಪರಿಹಾರ ಸಿಗುತ್ತಿಲ್ಲ ಎಂದು ಅರೋಪಿಸಿದರು.

ಗ್ರಾಮಕ್ಕೆ ಭೇಟಿ ನೀಡಿಲ್ಲ ಎಂದು ಆಕ್ರೋಶ ವ್ಯಕ್ತಪಡಿಸಿದರು. ಈ ವಿಚಾರದ ವಿರುದ್ಧ ಪಕ್ಷಗಳು ತಮ್ಮ ನಿಲುವು ವ್ಯಕ್ತಪಡಿಸಬೇಕು. ಕಳೆದ 20 ವರ್ಷದ ಹಿಂದೆ ಇದ್ದ ಗೋಮಾಳ ಜಮೀನು ಒತ್ತುವರಿಯಾಗಿದೆ. ಅ.23ರಂದು ನಡೆಯುವ ಪ್ರತಿಭಟನೆಯಲ್ಲಿ ರೈತರು ಹೆಚ್ಚಿನ ಸಂಖ್ಯೆಯಲ್ಲಿ ಭಾಗವಹಿಸಬೇಕು ಎಂದು ಮನವಿ ಮಾಡಿದರು. ಈ ವೇಳೆ ರೈತ ಮುಖಂಡರಾದ ಮಹದೇವ, ತಿಮ್ಮೇಗೌಡ ಸೇರಿದಂತೆ ಹಲವರು ಇದ್ದರು.
